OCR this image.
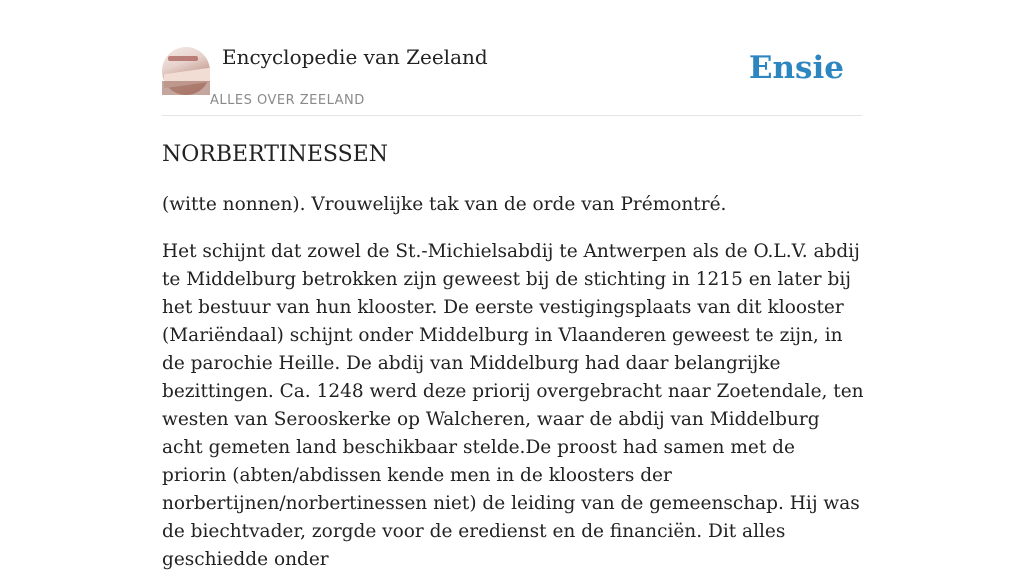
Encyclopedie van Zeeland
ALLES OVER ZEELAND
Ensie
NORBERTINESSEN

(witte nonnen). Vrouwelijke tak van de orde van Prémontré.

Het schijnt dat zowel de St.-Michielsabdij te Antwerpen als de O.L.V. abdij te Middelburg betrokken zijn geweest bij de stichting in 1215 en later bij het bestuur van hun klooster. De eerste vestigingsplaats van dit klooster (Mariëndaal) schijnt onder Middelburg in Vlaanderen geweest te zijn, in de parochie Heille. De abdij van Middelburg had daar belangrijke bezittingen. Ca. 1248 werd deze priorij overgebracht naar Zoetendale, ten westen van Serooskerke op Walcheren, waar de abdij van Middelburg acht gemeten land beschikbaar stelde.De proost had samen met de priorin (abten/abdissen kende men in de kloosters der norbertijnen/norbertinessen niet) de leiding van de gemeenschap. Hij was de biechtvader, zorgde voor de eredienst en de financiën. Dit alles geschiedde onder
